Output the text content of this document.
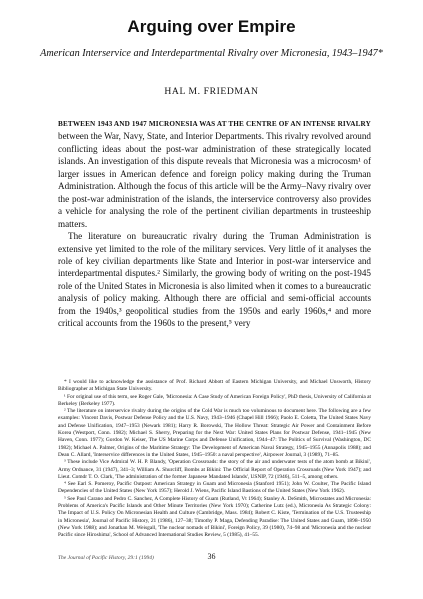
Arguing over Empire
American Interservice and Interdepartmental Rivalry over Micronesia, 1943–1947*
HAL M. FRIEDMAN

BETWEEN 1943 AND 1947 MICRONESIA WAS AT THE CENTRE OF AN INTENSE RIVALRY between the War, Navy, State, and Interior Departments. This rivalry revolved around conflicting ideas about the post-war administration of these strategically located islands. An investigation of this dispute reveals that Micronesia was a microcosm¹ of larger issues in American defence and foreign policy making during the Truman Administration. Although the focus of this article will be the Army–Navy rivalry over the post-war administration of the islands, the interservice controversy also provides a vehicle for analysing the role of the pertinent civilian departments in trusteeship matters.

The literature on bureaucratic rivalry during the Truman Administration is extensive yet limited to the role of the military services. Very little of it analyses the role of key civilian departments like State and Interior in post-war interservice and interdepartmental disputes.² Similarly, the growing body of writing on the post-1945 role of the United States in Micronesia is also limited when it comes to a bureaucratic analysis of policy making. Although there are official and semi-official accounts from the 1940s,³ geopolitical studies from the 1950s and early 1960s,⁴ and more critical accounts from the 1960s to the present,⁵ very

* I would like to acknowledge the assistance of Prof. Richard Abbott of Eastern Michigan University, and Michael Unsworth, History Bibliographer at Michigan State University.

¹ For original use of this term, see Roger Gale, 'Micronesia: A Case Study of American Foreign Policy', PhD thesis, University of California at Berkeley (Berkeley 1977).

² The literature on interservice rivalry during the origins of the Cold War is much too voluminous to document here. The following are a few examples: Vincent Davis, Postwar Defense Policy and the U.S. Navy, 1943–1946 (Chapel Hill 1966); Paolo E. Coletta, The United States Navy and Defense Unification, 1947–1953 (Newark 1981); Harry R. Borowski, The Hollow Threat: Strategic Air Power and Containment Before Korea (Westport, Conn. 1982); Michael S. Sherry, Preparing for the Next War: United States Plans for Postwar Defense, 1941–1945 (New Haven, Conn. 1977); Gordon W. Keiser, The US Marine Corps and Defense Unification, 1944–47: The Politics of Survival (Washington, DC 1982); Michael A. Palmer, Origins of the Maritime Strategy: The Development of American Naval Strategy, 1945–1955 (Annapolis 1988); and Dean C. Allard, 'Interservice differences in the United States, 1945–1950: a naval perspective', Airpower Journal, 3 (1989), 71–85.

³ These include Vice Admiral W. H. P. Blandy, 'Operation Crossroads: the story of the air and underwater tests of the atom bomb at Bikini', Army Ordnance, 31 (1947), 341–3; William A. Shurcliff, Bombs at Bikini: The Official Report of Operation Crossroads (New York 1947); and Lieut. Comdr T. O. Clark, 'The administration of the former Japanese Mandated Islands', USNIP, 72 (1946), 511–5, among others.

⁴ See Earl S. Pomeroy, Pacific Outpost: American Strategy in Guam and Micronesia (Stanford 1951); John W. Coulter, The Pacific Island Dependencies of the United States (New York 1957); Herold J. Wiens, Pacific Island Bastions of the United States (New York 1962).

⁵ See Paul Carano and Pedro C. Sanchez, A Complete History of Guam (Rutland, Vt 1964); Stanley A. DeSmith, Microstates and Micronesia: Problems of America's Pacific Islands and Other Minute Territories (New York 1970); Catherine Lutz (ed.), Micronesia As Strategic Colony: The Impact of U.S. Policy On Micronesian Health and Culture (Cambridge, Mass. 1984); Robert C. Kiste, 'Termination of the U.S. Trusteeship in Micronesia', Journal of Pacific History, 21 (1986), 127–38; Timothy P. Maga, Defending Paradise: The United States and Guam, 1898–1950 (New York 1988); and Jonathan M. Weisgall, 'The nuclear nomads of Bikini', Foreign Policy, 39 (1980), 74–98 and 'Micronesia and the nuclear Pacific since Hiroshima', School of Advanced International Studies Review, 5 (1985), 41–55.

The Journal of Pacific History, 29:1 (1994)	36
